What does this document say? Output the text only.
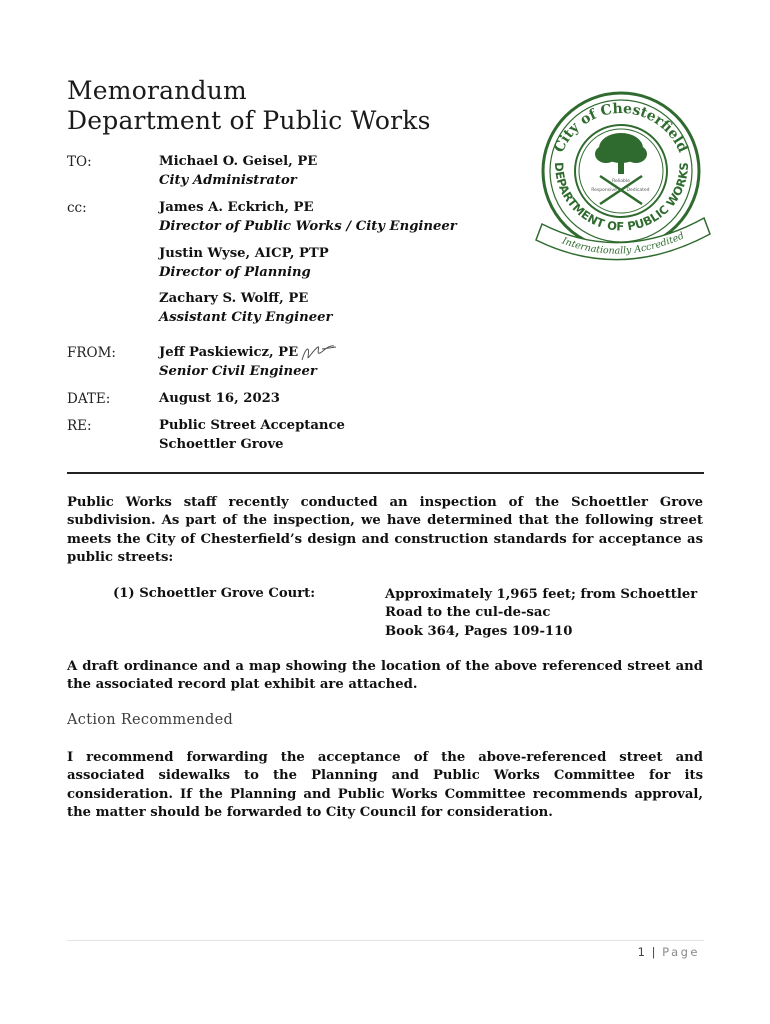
Memorandum
Department of Public Works
City of Chesterfield
DEPARTMENT OF PUBLIC WORKS
Internationally Accredited
Reliable
Responsive Dedicated
TO:	Michael O. Geisel, PE
City Administrator
cc:	James A. Eckrich, PE
Director of Public Works / City Engineer
Justin Wyse, AICP, PTP
Director of Planning
Zachary S. Wolff, PE
Assistant City Engineer
FROM:	Jeff Paskiewicz, PE
Senior Civil Engineer
DATE:	August 16, 2023
RE:	Public Street Acceptance
Schoettler Grove
Public Works staff recently conducted an inspection of the Schoettler Grove subdivision. As part of the inspection, we have determined that the following street meets the City of Chesterfield’s design and construction standards for acceptance as public streets:
(1) Schoettler Grove Court:	Approximately 1,965 feet; from Schoettler
Road to the cul-de-sac
Book 364, Pages 109-110
A draft ordinance and a map showing the location of the above referenced street and the associated record plat exhibit are attached.
Action Recommended
I recommend forwarding the acceptance of the above-referenced street and associated sidewalks to the Planning and Public Works Committee for its consideration. If the Planning and Public Works Committee recommends approval, the matter should be forwarded to City Council for consideration.
1 | Page
